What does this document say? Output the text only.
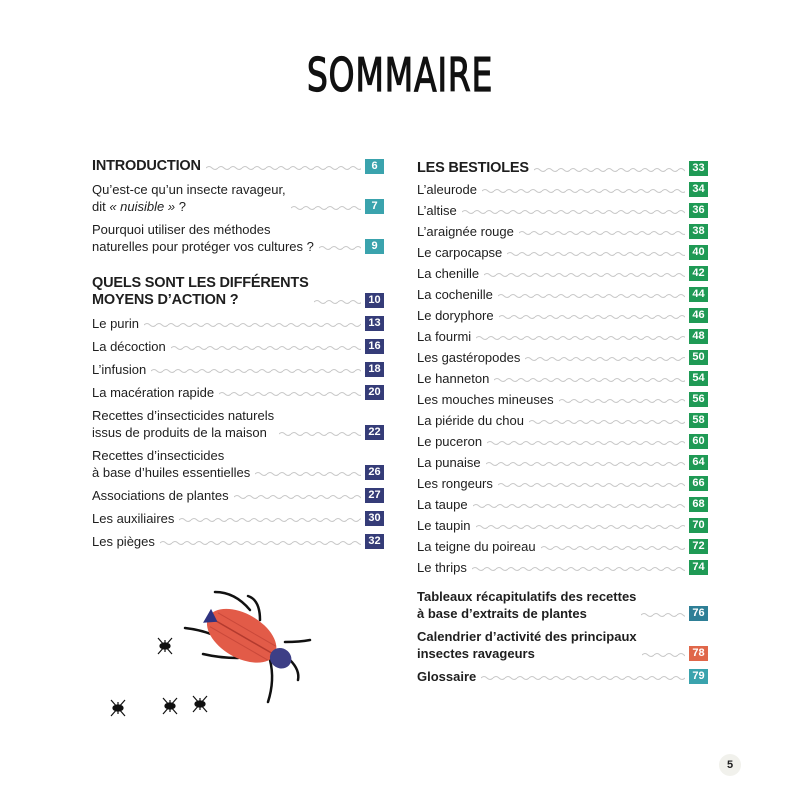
SOMMAIRE
INTRODUCTION	6
Qu’est-ce qu’un insecte ravageur,
dit « nuisible » ?	7
Pourquoi utiliser des méthodes
naturelles pour protéger vos cultures ?	9
QUELS SONT LES DIFFÉRENTS
MOYENS D’ACTION ?	10
Le purin	13
La décoction	16
L’infusion	18
La macération rapide	20
Recettes d’insecticides naturels
issus de produits de la maison	22
Recettes d’insecticides
à base d’huiles essentielles	26
Associations de plantes	27
Les auxiliaires	30
Les pièges	32
LES BESTIOLES	33
L’aleurode	34
L’altise	36
L’araignée rouge	38
Le carpocapse	40
La chenille	42
La cochenille	44
Le doryphore	46
La fourmi	48
Les gastéropodes	50
Le hanneton	54
Les mouches mineuses	56
La piéride du chou	58
Le puceron	60
La punaise	64
Les rongeurs	66
La taupe	68
Le taupin	70
La teigne du poireau	72
Le thrips	74
Tableaux récapitulatifs des recettes
à base d’extraits de plantes	76
Calendrier d’activité des principaux
insectes ravageurs	78
Glossaire	79
5
